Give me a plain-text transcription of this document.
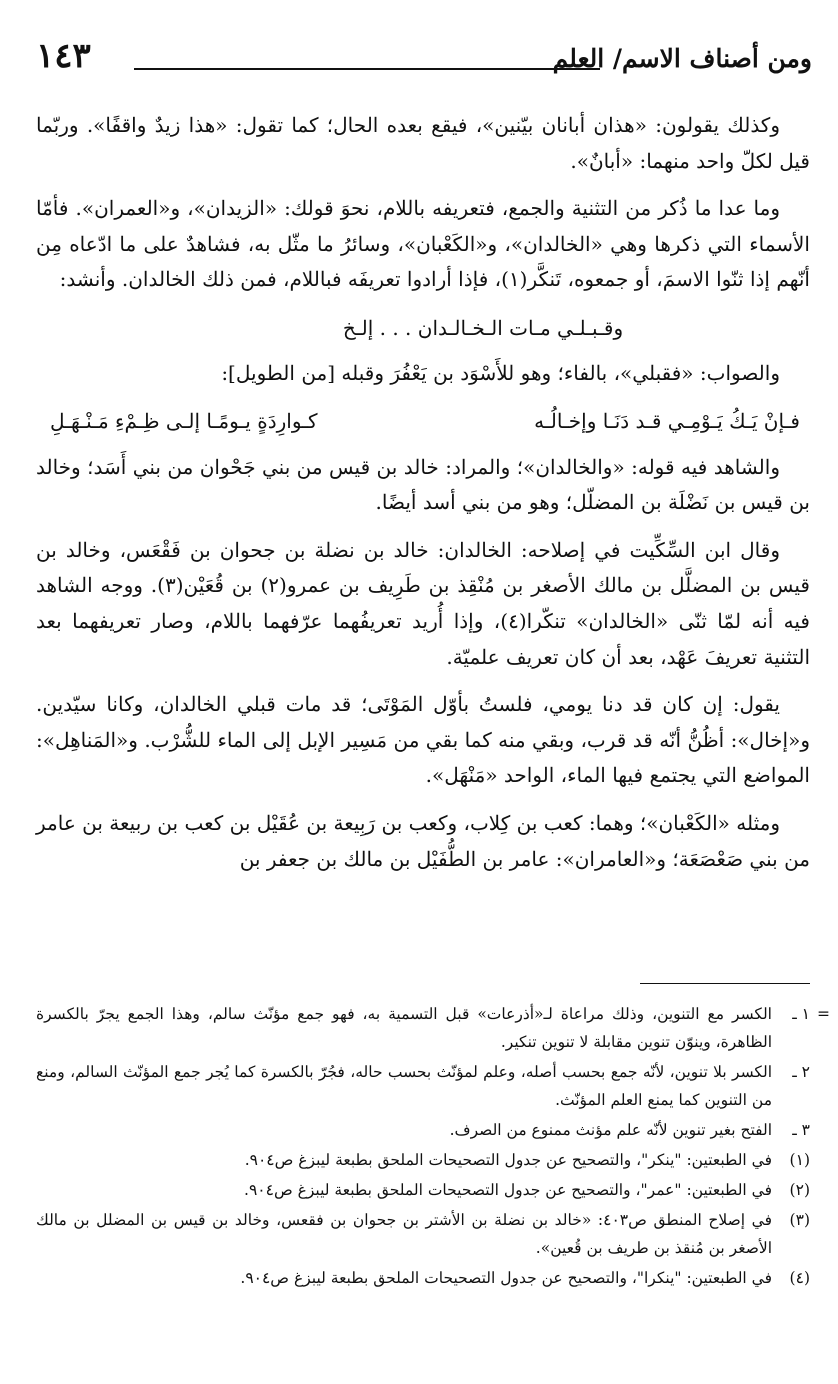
ومن أصناف الاسم/ العلم
١٤٣

وكذلك يقولون: «هذان أبانان بيّنين»، فيقع بعده الحال؛ كما تقول: «هذا زيدٌ واقفًا». وربّما قيل لكلّ واحد منهما: «أبانٌ».

وما عدا ما ذُكر من التثنية والجمع، فتعريفه باللام، نحوَ قولك: «الزيدان»، و«العمران». فأمّا الأسماء التي ذكرها وهي «الخالدان»، و«الكَعْبان»، وسائرُ ما مثّل به، فشاهدٌ على ما ادّعاه مِن أنّهم إذا ثنّوا الاسمَ، أو جمعوه، تَنكَّر(١)، فإذا أرادوا تعريفَه فباللام، فمن ذلك الخالدان. وأنشد:

وقـبـلـي مـات الـخـالـدان . . . إلـخ

والصواب: «فقبلي»، بالفاء؛ وهو للأَسْوَد بن يَعْفُرَ وقبله [من الطويل]:

فـإنْ يَـكُ يَـوْمِـي قـد دَنَـا وإخـالُـه
كـوارِدَةٍ يـومًـا إلـى ظِـمْءِ مَـنْـهَـلِ

والشاهد فيه قوله: «والخالدان»؛ والمراد: خالد بن قيس من بني جَحْوان من بني أَسَد؛ وخالد بن قيس بن نَضْلَة بن المضلّل؛ وهو من بني أسد أيضًا.

وقال ابن السِّكِّيت في إصلاحه: الخالدان: خالد بن نضلة بن جحوان بن فَقْعَس، وخالد بن قيس بن المضلَّل بن مالك الأصغر بن مُنْقِذ بن طَرِيف بن عمرو(٢) بن قُعَيْن(٣). ووجه الشاهد فيه أنه لمّا ثنّى «الخالدان» تنكّرا(٤)، وإذا أُريد تعريفُهما عرّفهما باللام، وصار تعريفهما بعد التثنية تعريفَ عَهْد، بعد أن كان تعريف علميّة.

يقول: إن كان قد دنا يومي، فلستُ بأوّل المَوْتَى؛ قد مات قبلي الخالدان، وكانا سيّدين. و«إخال»: أظُنُّ أنّه قد قرب، وبقي منه كما بقي من مَسِير الإبل إلى الماء للشُّرْب. و«المَناهِل»: المواضع التي يجتمع فيها الماء، الواحد «مَنْهَل».

ومثله «الكَعْبان»؛ وهما: كعب بن كِلاب، وكعب بن رَبِيعة بن عُقَيْل بن كعب بن ربيعة بن عامر من بني صَعْصَعَة؛ و«العامران»: عامر بن الطُّفَيْل بن مالك بن جعفر بن

=
١ ـ
الكسر مع التنوين، وذلك مراعاة لـ«أذرعات» قبل التسمية به، فهو جمع مؤنّث سالم، وهذا الجمع يجرّ بالكسرة الظاهرة، وينوّن تنوين مقابلة لا تنوين تنكير.
٢ ـ
الكسر بلا تنوين، لأنّه جمع بحسب أصله، وعلم لمؤنّث بحسب حاله، فجُرّ بالكسرة كما يُجر جمع المؤنّث السالم، ومنع من التنوين كما يمنع العلم المؤنّث.
٣ ـ
الفتح بغير تنوين لأنّه علم مؤنث ممنوع من الصرف.
(١)
في الطبعتين: "ينكر"، والتصحيح عن جدول التصحيحات الملحق بطبعة ليبزغ ص٩٠٤.
(٢)
في الطبعتين: "عمر"، والتصحيح عن جدول التصحيحات الملحق بطبعة ليبزغ ص٩٠٤.
(٣)
في إصلاح المنطق ص٤٠٣: «خالد بن نضلة بن الأشتر بن جحوان بن فقعس، وخالد بن قيس بن المضلل بن مالك الأصغر بن مُنقذ بن طريف بن قُعين».
(٤)
في الطبعتين: "ينكرا"، والتصحيح عن جدول التصحيحات الملحق بطبعة ليبزغ ص٩٠٤.
